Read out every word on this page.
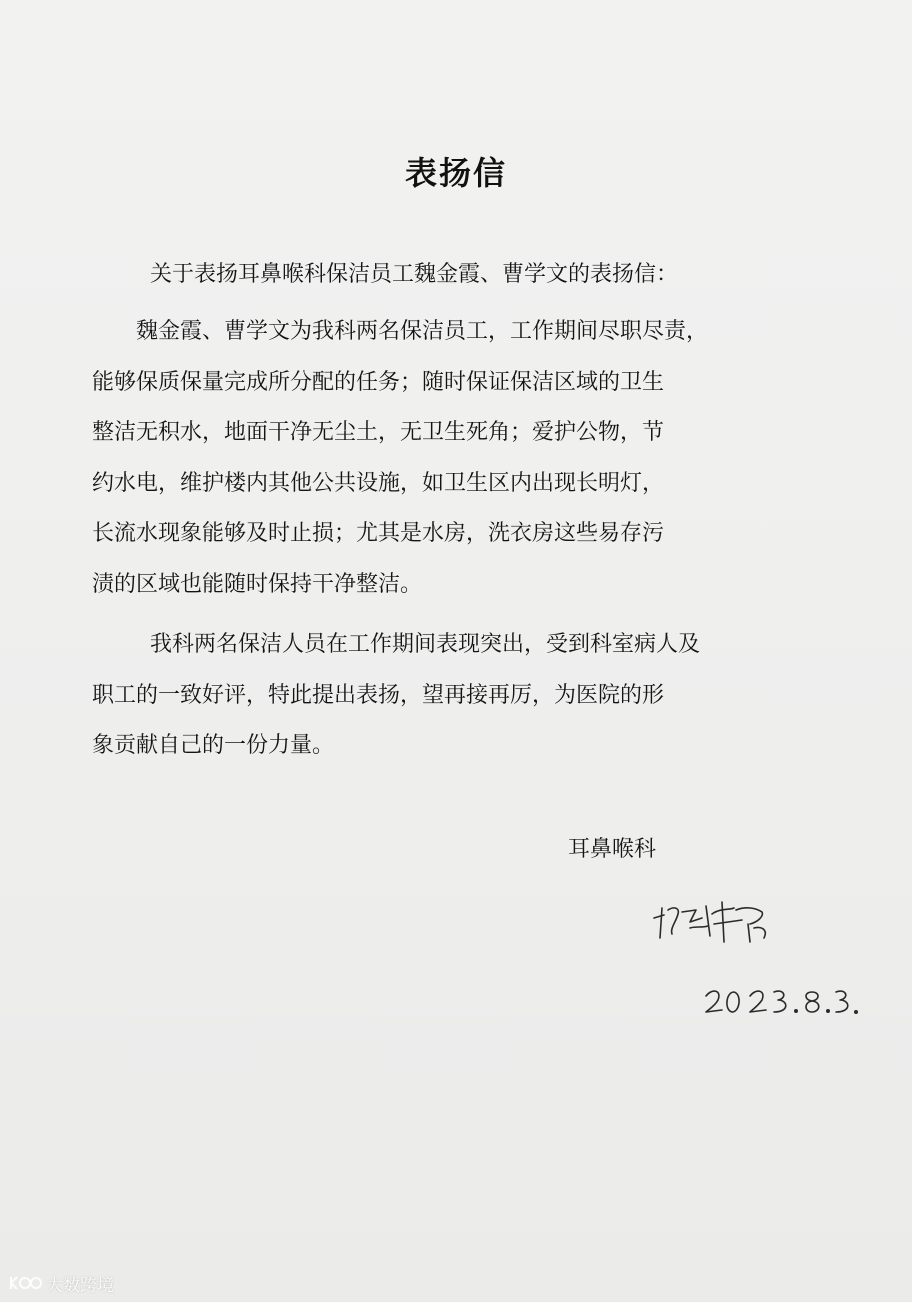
表扬信
关于表扬耳鼻喉科保洁员工魏金霞、曹学文的表扬信：
魏金霞、曹学文为我科两名保洁员工，工作期间尽职尽责，
能够保质保量完成所分配的任务；随时保证保洁区域的卫生
整洁无积水，地面干净无尘土，无卫生死角；爱护公物，节
约水电，维护楼内其他公共设施，如卫生区内出现长明灯，
长流水现象能够及时止损；尤其是水房，洗衣房这些易存污
渍的区域也能随时保持干净整洁。
我科两名保洁人员在工作期间表现突出，受到科室病人及
职工的一致好评，特此提出表扬，望再接再厉，为医院的形
象贡献自己的一份力量。
耳鼻喉科
大数跨境
